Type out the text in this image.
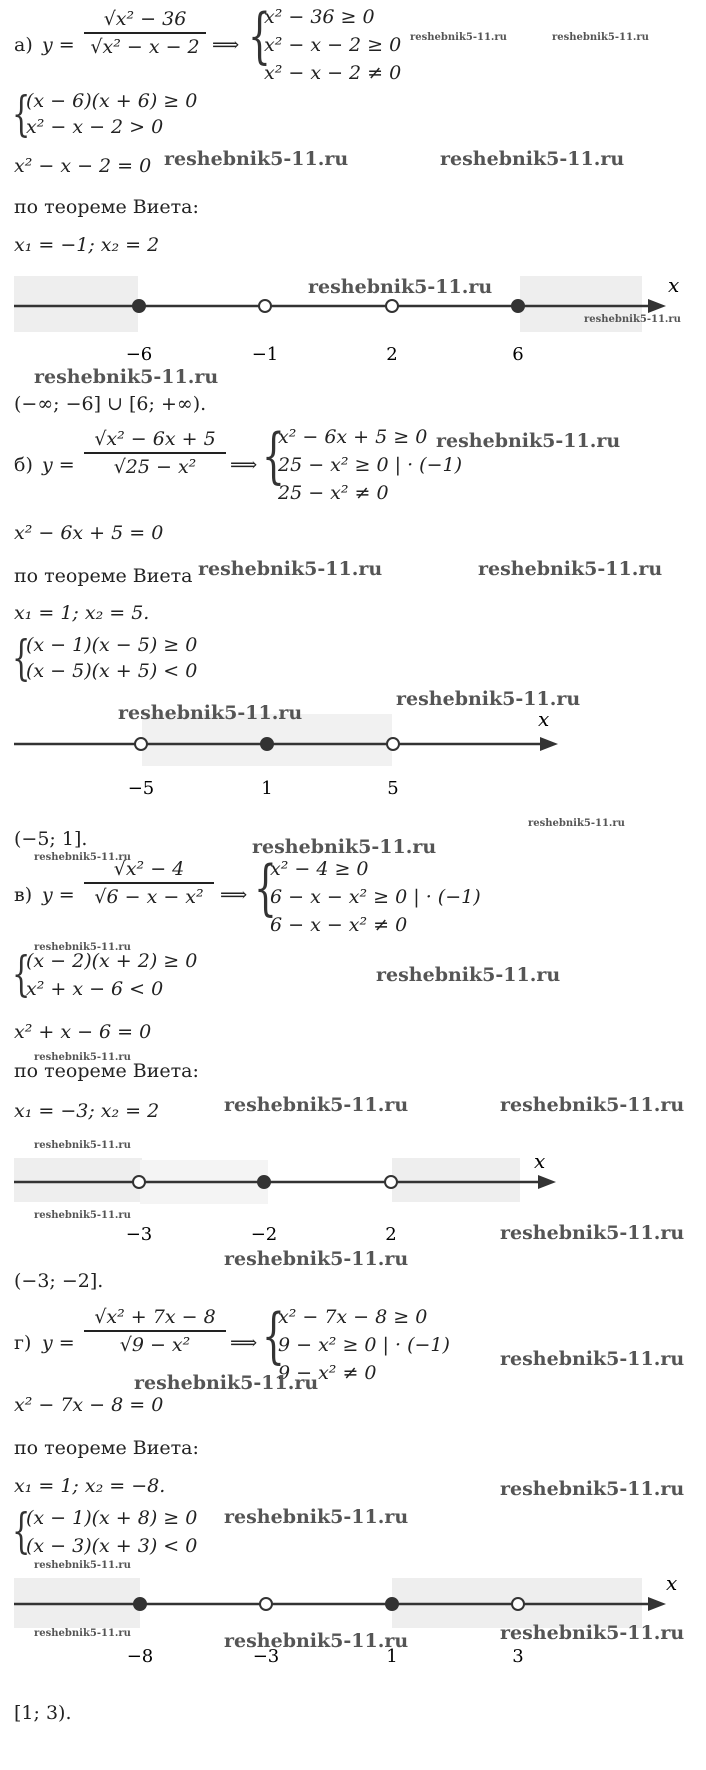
а) y =
√x² − 36
√x² − x − 2 ⟹ {
x² − 36 ≥ 0
x² − x − 2 ≥ 0
x² − x − 2 ≠ 0
{
(x − 6)(x + 6) ≥ 0
x² − x − 2 > 0
x² − x − 2 = 0
по теореме Виета:
x₁ = −1; x₂ = 2
x
−6	−1	2	6
(−∞; −6] ∪ [6; +∞).
б) y =
√x² − 6x + 5
√25 − x²	⟹ {
x² − 6x + 5 ≥ 0
25 − x² ≥ 0 | · (−1)
25 − x² ≠ 0
x² − 6x + 5 = 0
по теореме Виета
x₁ = 1; x₂ = 5.
{
(x − 1)(x − 5) ≥ 0
(x − 5)(x + 5) < 0
x
−5	1	5
(−5; 1].
в) y =
√x² − 4
√6 − x − x² ⟹ {
x² − 4 ≥ 0
6 − x − x² ≥ 0 | · (−1)
6 − x − x² ≠ 0
{
(x − 2)(x + 2) ≥ 0
x² + x − 6 < 0
x² + x − 6 = 0
по теореме Виета:
x₁ = −3; x₂ = 2
x
−3	−2	2
(−3; −2].
г) y =
√x² + 7x − 8
√9 − x²	⟹ {
x² − 7x − 8 ≥ 0
9 − x² ≥ 0 | · (−1)
9 − x² ≠ 0
x² − 7x − 8 = 0
по теореме Виета:
x₁ = 1; x₂ = −8.
{
(x − 1)(x + 8) ≥ 0
(x − 3)(x + 3) < 0
x
−8	−3	1	3
[1; 3).
reshebnik5-11.ru	reshebnik5-11.ru
reshebnik5-11.ru	reshebnik5-11.ru
reshebnik5-11.ru
reshebnik5-11.ru
reshebnik5-11.ru
reshebnik5-11.ru
reshebnik5-11.ru	reshebnik5-11.ru
reshebnik5-11.ru
reshebnik5-11.ru
reshebnik5-11.ru
reshebnik5-11.ru
reshebnik5-11.ru
reshebnik5-11.ru
reshebnik5-11.ru
reshebnik5-11.ru
reshebnik5-11.ru	reshebnik5-11.ru
reshebnik5-11.ru
reshebnik5-11.ru
reshebnik5-11.ru
reshebnik5-11.ru
reshebnik5-11.ru
reshebnik5-11.ru
reshebnik5-11.ru
reshebnik5-11.ru
reshebnik5-11.ru
reshebnik5-11.ru	reshebnik5-11.ru	reshebnik5-11.ru
